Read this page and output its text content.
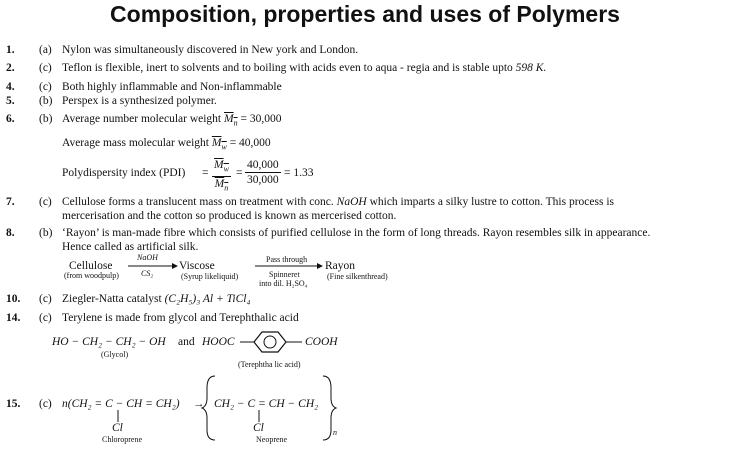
Composition, properties and uses of Polymers
1. (a) Nylon was simultaneously discovered in New york and London.
2. (c) Teflon is flexible, inert to solvents and to boiling with acids even to aqua - regia and is stable upto 598 K.
4. (c) Both highly inflammable and Non-inflammable
5. (b) Perspex is a synthesized polymer.
6. (b) Average number molecular weight $M_n = 30,000$
Average mass molecular weight $M_w = 40,000$
Polydispersity index $(PDI) = \frac{M_w}{M_n} = \frac{40,000}{30,000} = 1.33$
7. (c) Cellulose forms a translucent mass on treatment with conc. NaOH which imparts a silky lustre to cotton. This process is
mercerisation and the cotton so produced is known as mercerised cotton.
8. (b) ‘Rayon’ is man-made fibre which consists of purified cellulose in the form of long threads. Rayon resembles silk in appearance.
Hence called as artificial silk.
Cellulose
(from woodpulp)
NaOH
CS₂
Viscose
(Syrup likeliquid)
Pass through
Spinneret
into dil. H₂SO₄
Rayon
(Fine silkenthread)
10. (c) Ziegler-Natta catalyst (C₂H₅)₃ Al + TiCl₄
14. (c) Terylene is made from glycol and Terephthalic acid
HO − CH₂ − CH₂ − OH and HOOC	COOH
(Glycol)
(Terephtha lic acid)
15. (c) n(CH₂ = C − CH = CH₂)
Cl
Chloroprene
→ CH₂ − C = CH − CH₂
Cl	n
Neoprene
